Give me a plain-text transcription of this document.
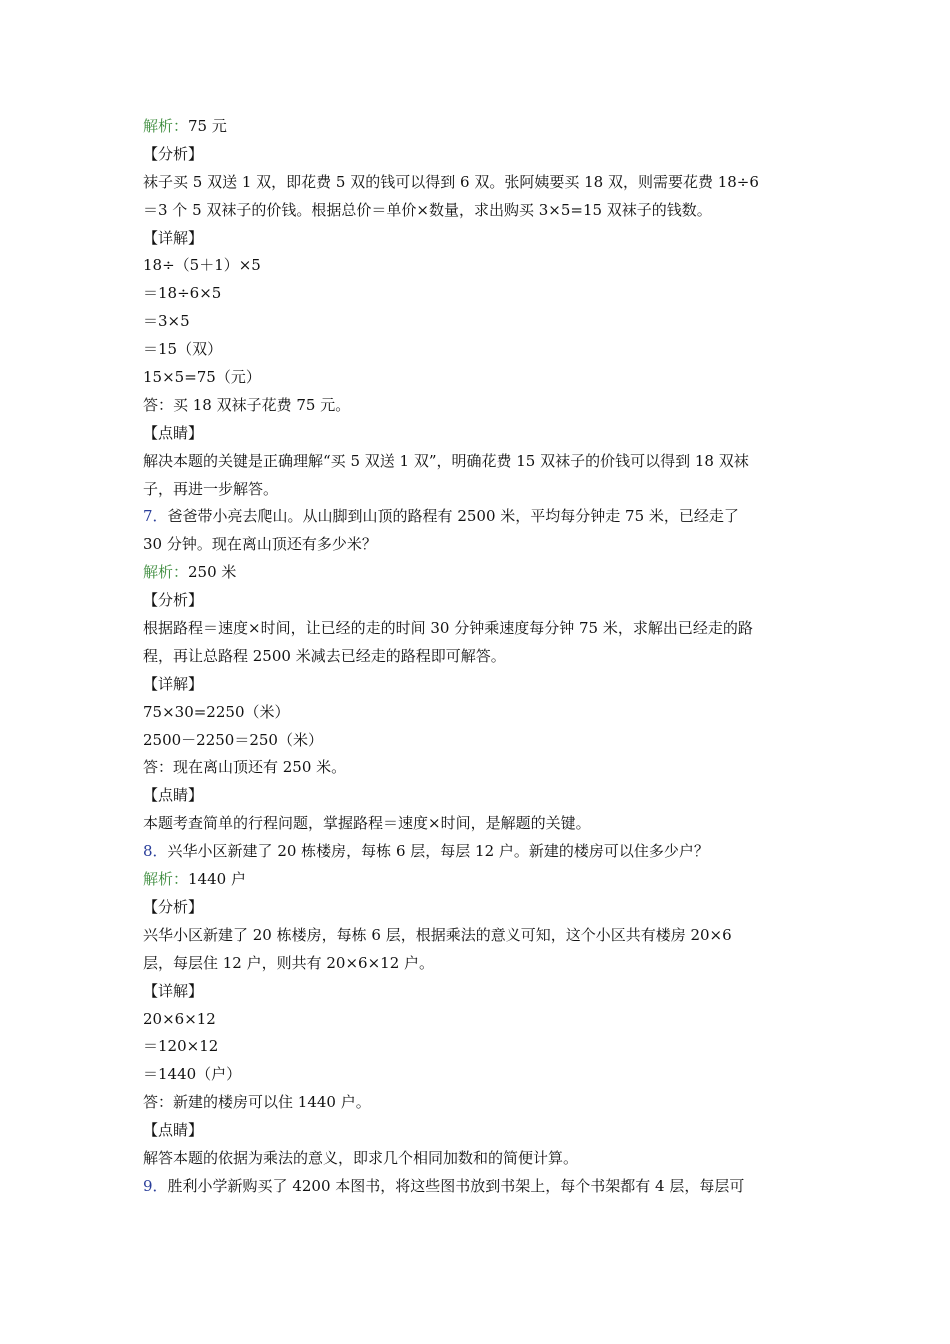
解析：75 元
【分析】
袜子买 5 双送 1 双，即花费 5 双的钱可以得到 6 双。张阿姨要买 18 双，则需要花费 18÷6
＝3 个 5 双袜子的价钱。根据总价＝单价×数量，求出购买 3×5=15 双袜子的钱数。
【详解】
18÷（5＋1）×5
＝18÷6×5
＝3×5
＝15（双）
15×5=75（元）
答：买 18 双袜子花费 75 元。
【点睛】
解决本题的关键是正确理解“买 5 双送 1 双”，明确花费 15 双袜子的价钱可以得到 18 双袜
子，再进一步解答。
7．爸爸带小亮去爬山。从山脚到山顶的路程有 2500 米，平均每分钟走 75 米，已经走了
30 分钟。现在离山顶还有多少米？
解析：250 米
【分析】
根据路程＝速度×时间，让已经的走的时间 30 分钟乘速度每分钟 75 米，求解出已经走的路
程，再让总路程 2500 米减去已经走的路程即可解答。
【详解】
75×30=2250（米）
2500－2250＝250（米）
答：现在离山顶还有 250 米。
【点睛】
本题考查简单的行程问题，掌握路程＝速度×时间，是解题的关键。
8．兴华小区新建了 20 栋楼房，每栋 6 层，每层 12 户。新建的楼房可以住多少户？
解析：1440 户
【分析】
兴华小区新建了 20 栋楼房，每栋 6 层，根据乘法的意义可知，这个小区共有楼房 20×6
层，每层住 12 户，则共有 20×6×12 户。
【详解】
20×6×12
＝120×12
＝1440（户）
答：新建的楼房可以住 1440 户。
【点睛】
解答本题的依据为乘法的意义，即求几个相同加数和的简便计算。
9．胜利小学新购买了 4200 本图书，将这些图书放到书架上，每个书架都有 4 层，每层可
